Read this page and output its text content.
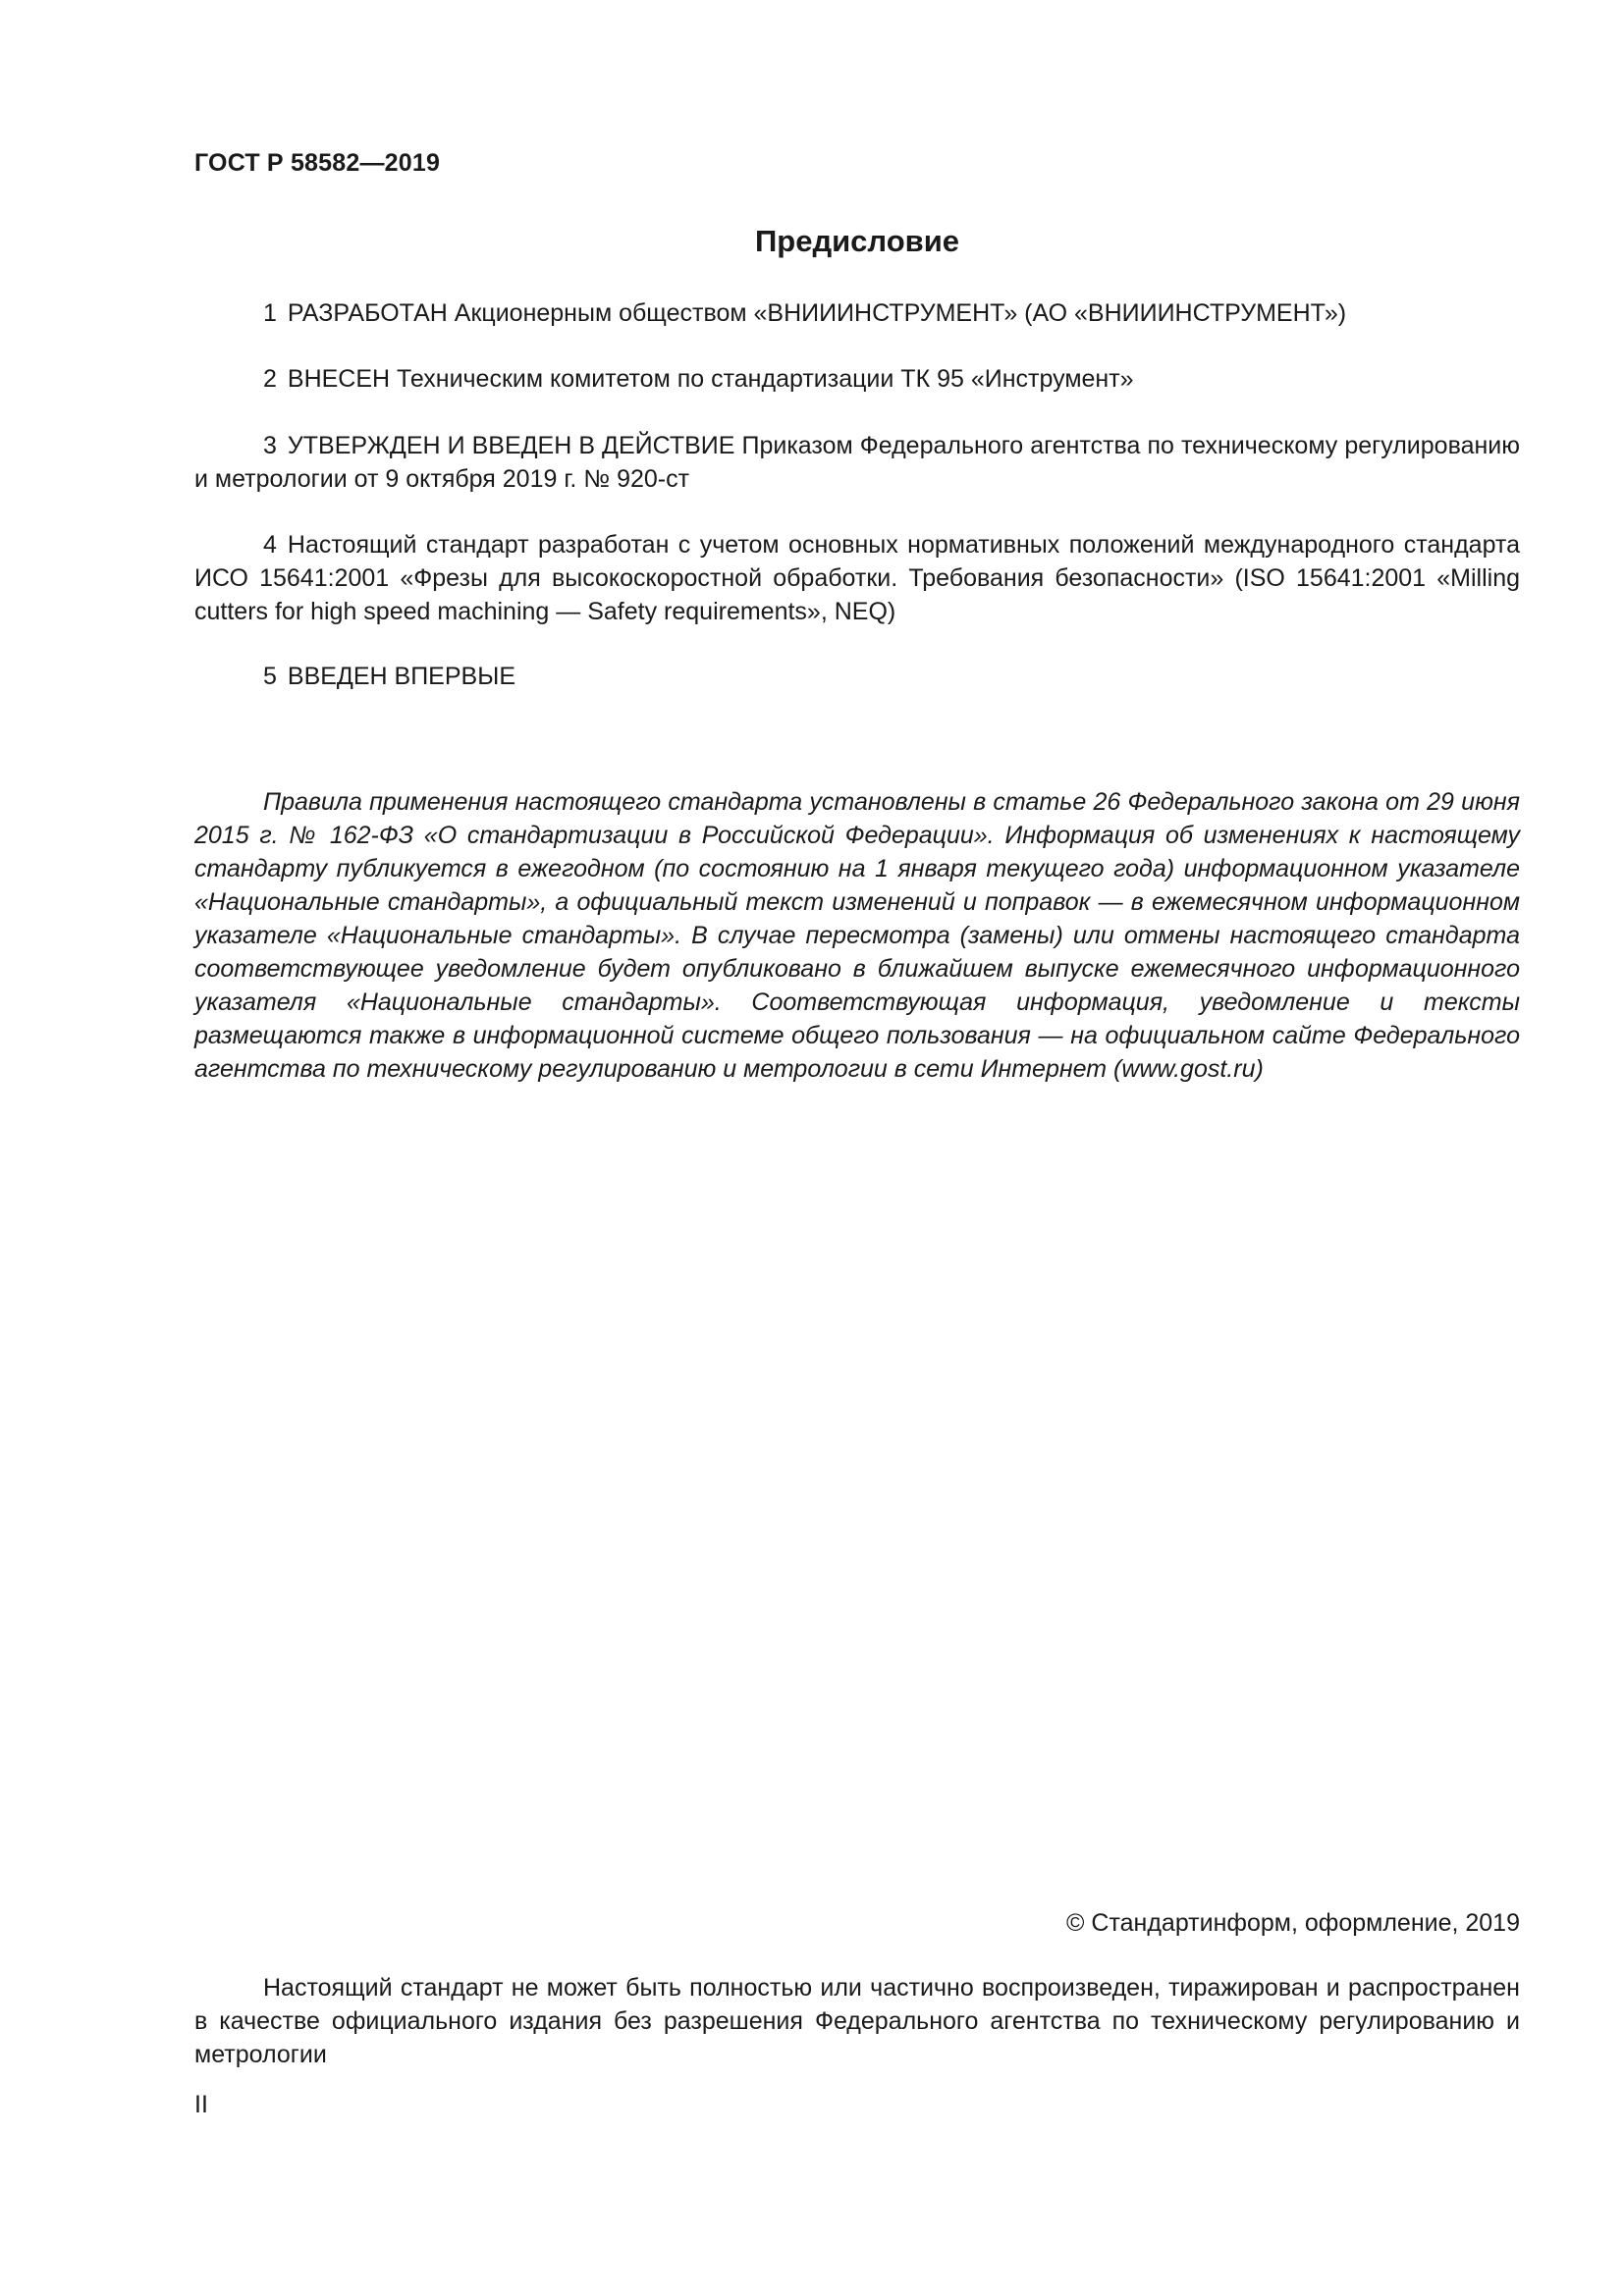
ГОСТ Р 58582—2019
Предисловие

1 РАЗРАБОТАН Акционерным обществом «ВНИИИНСТРУМЕНТ» (АО «ВНИИИНСТРУМЕНТ»)

2 ВНЕСЕН Техническим комитетом по стандартизации ТК 95 «Инструмент»

3 УТВЕРЖДЕН И ВВЕДЕН В ДЕЙСТВИЕ Приказом Федерального агентства по техническому регулированию и метрологии от 9 октября 2019 г. № 920-ст

4 Настоящий стандарт разработан с учетом основных нормативных положений международного стандарта ИСО 15641:2001 «Фрезы для высокоскоростной обработки. Требования безопасности» (ISO 15641:2001 «Milling cutters for high speed machining — Safety requirements», NEQ)

5 ВВЕДЕН ВПЕРВЫЕ

Правила применения настоящего стандарта установлены в статье 26 Федерального закона от 29 июня 2015 г. № 162-ФЗ «О стандартизации в Российской Федерации». Информация об изменениях к настоящему стандарту публикуется в ежегодном (по состоянию на 1 января текущего года) информационном указателе «Национальные стандарты», а официальный текст изменений и поправок — в ежемесячном информационном указателе «Национальные стандарты». В случае пересмотра (замены) или отмены настоящего стандарта соответствующее уведомление будет опубликовано в ближайшем выпуске ежемесячного информационного указателя «Национальные стандарты». Соответствующая информация, уведомление и тексты размещаются также в информационной системе общего пользования — на официальном сайте Федерального агентства по техническому регулированию и метрологии в сети Интернет (www.gost.ru)

© Стандартинформ, оформление, 2019

Настоящий стандарт не может быть полностью или частично воспроизведен, тиражирован и распространен в качестве официального издания без разрешения Федерального агентства по техническому регулированию и метрологии

II
